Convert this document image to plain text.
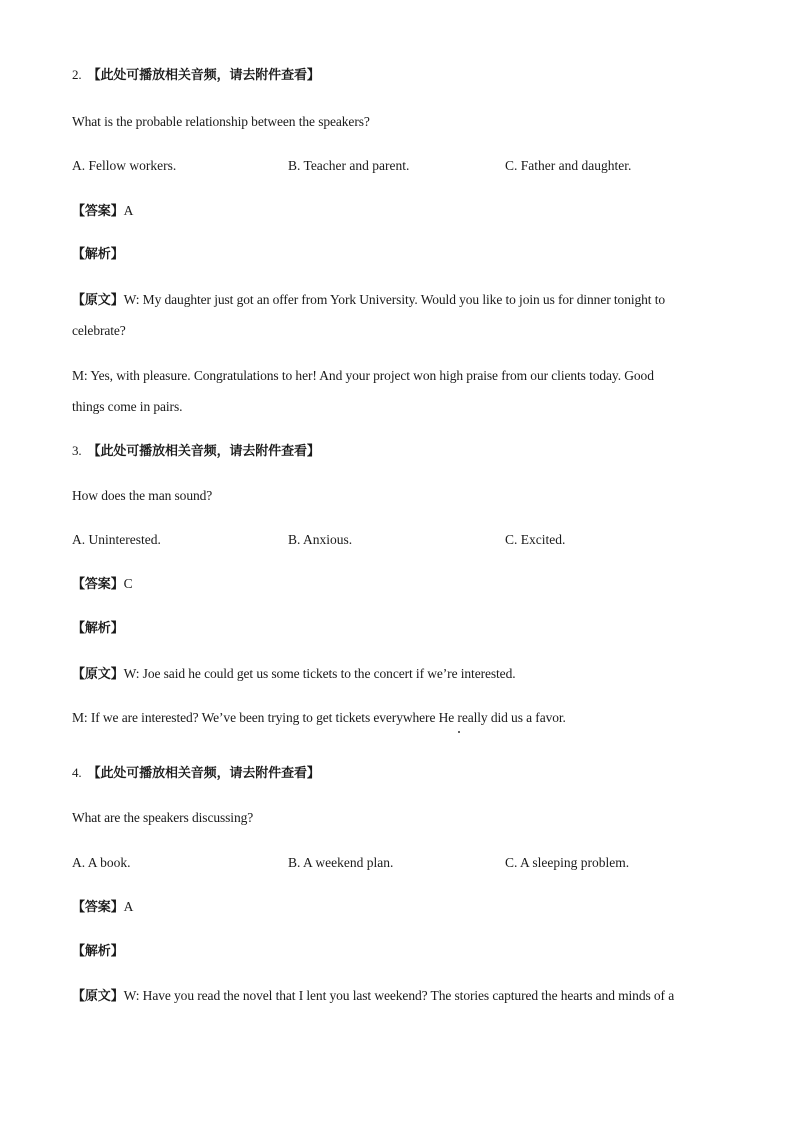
2. 【此处可播放相关音频，请去附件查看】

What is the probable relationship between the speakers?

A. Fellow workers.	B. Teacher and parent.	C. Father and daughter.

【答案】A

【解析】

【原文】W: My daughter just got an offer from York University. Would you like to join us for dinner tonight to

celebrate?

M: Yes, with pleasure. Congratulations to her! And your project won high praise from our clients today. Good

things come in pairs.

3. 【此处可播放相关音频，请去附件查看】

How does the man sound?

A. Uninterested.	B. Anxious.	C. Excited.

【答案】C

【解析】

【原文】W: Joe said he could get us some tickets to the concert if we’re interested.

M: If we are interested? We’ve been trying to get tickets everywhere He really did us a favor.

4. 【此处可播放相关音频，请去附件查看】

What are the speakers discussing?

A. A book.	B. A weekend plan.	C. A sleeping problem.

【答案】A

【解析】

【原文】W: Have you read the novel that I lent you last weekend? The stories captured the hearts and minds of a
